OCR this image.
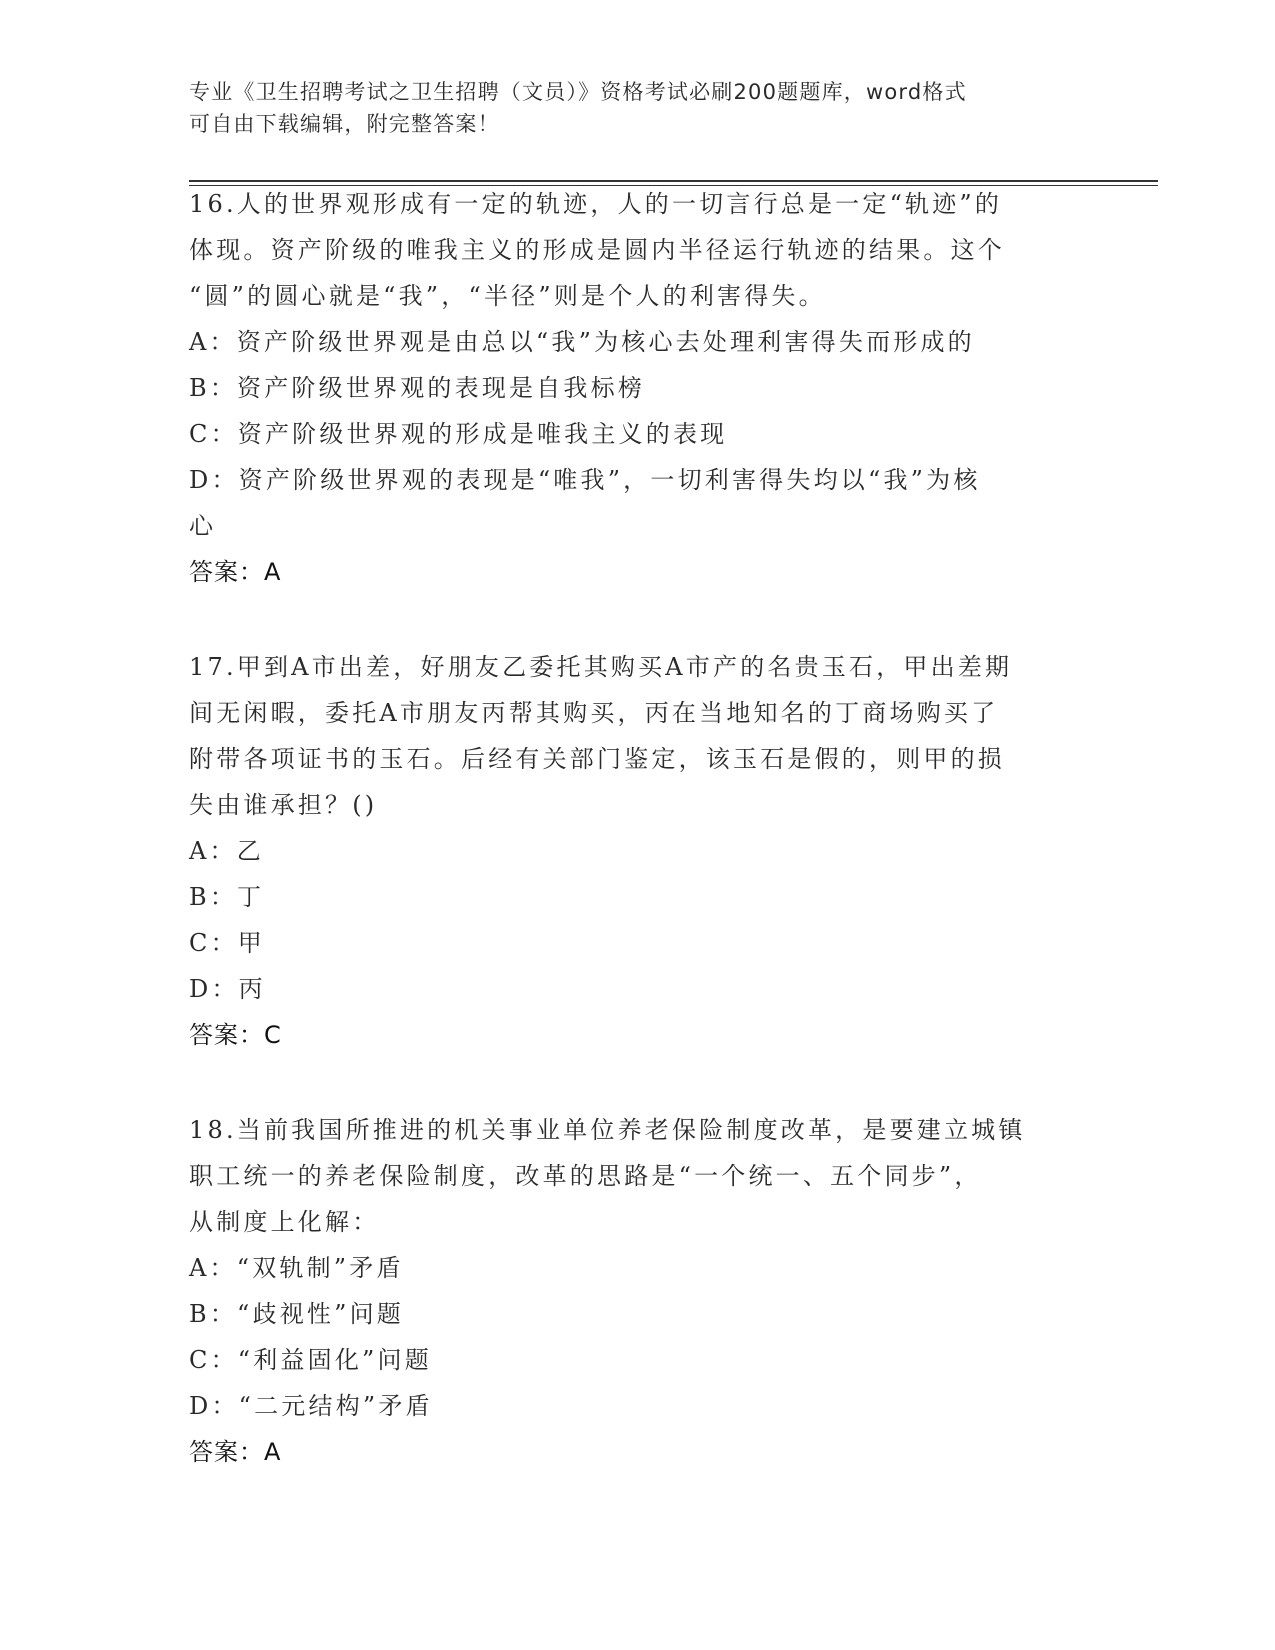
专业《卫生招聘考试之卫生招聘（文员）》资格考试必刷200题题库，word格式
可自由下载编辑，附完整答案！
16.人的世界观形成有一定的轨迹，人的一切言行总是一定“轨迹”的
体现。资产阶级的唯我主义的形成是圆内半径运行轨迹的结果。这个
“圆”的圆心就是“我”，“半径”则是个人的利害得失。
A：资产阶级世界观是由总以“我”为核心去处理利害得失而形成的
B：资产阶级世界观的表现是自我标榜
C：资产阶级世界观的形成是唯我主义的表现
D：资产阶级世界观的表现是“唯我”，一切利害得失均以“我”为核
心
答案：A
17.甲到A市出差，好朋友乙委托其购买A市产的名贵玉石，甲出差期
间无闲暇，委托A市朋友丙帮其购买，丙在当地知名的丁商场购买了
附带各项证书的玉石。后经有关部门鉴定，该玉石是假的，则甲的损
失由谁承担？()
A：乙
B：丁
C：甲
D：丙
答案：C
18.当前我国所推进的机关事业单位养老保险制度改革，是要建立城镇
职工统一的养老保险制度，改革的思路是“一个统一、五个同步”，
从制度上化解：
A：“双轨制”矛盾
B：“歧视性”问题
C：“利益固化”问题
D：“二元结构”矛盾
答案：A
